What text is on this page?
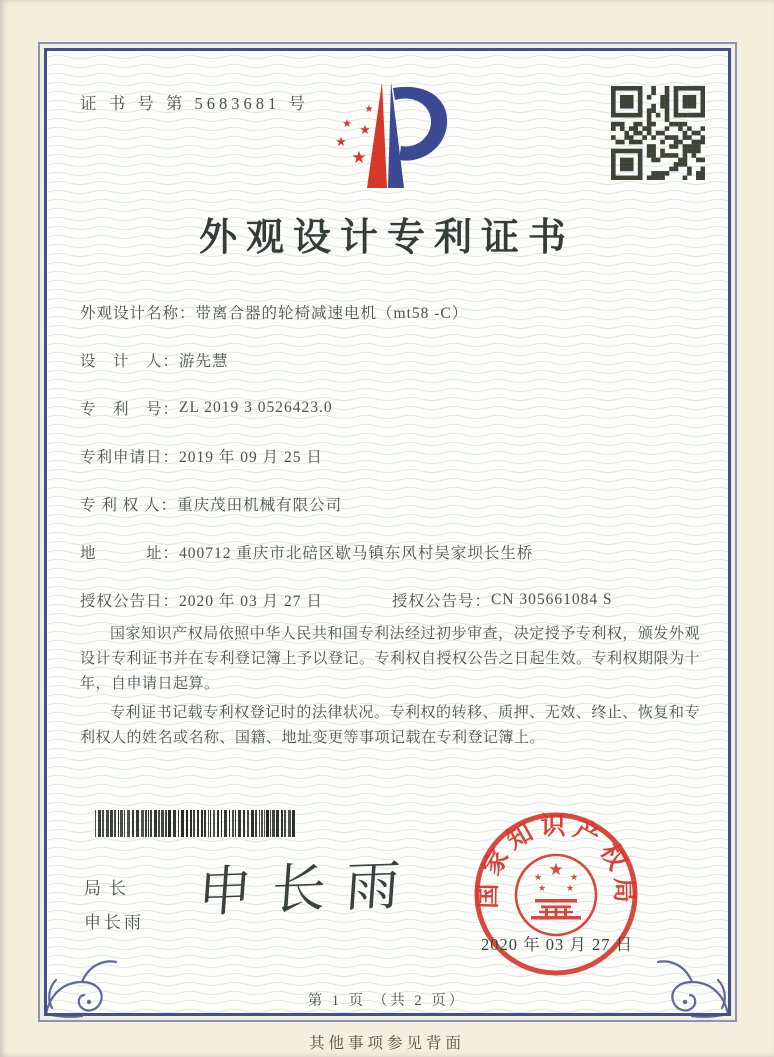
证 书 号 第 5683681 号	★
★ ★
★
★
外观设计专利证书
外观设计名称： 带离合器的轮椅减速电机（mt58 -C）
设　计　人： 游先慧
专　利　号： ZL 2019 3 0526423.0
专利申请日： 2019 年 09 月 25 日
专 利 权 人： 重庆茂田机械有限公司
地　　　址： 400712 重庆市北碚区歇马镇东风村吴家坝长生桥
授权公告日： 2020 年 03 月 27 日	授权公告号： CN 305661084 S

国家知识产权局依照中华人民共和国专利法经过初步审查，决定授予专利权，颁发外观设计专利证书并在专利登记簿上予以登记。专利权自授权公告之日起生效。专利权期限为十年，自申请日起算。

专利证书记载专利权登记时的法律状况。专利权的转移、质押、无效、终止、恢复和专利权人的姓名或名称、国籍、地址变更等事项记载在专利登记簿上。

局长
申长雨 申长雨 国家知识产权局
★
★	★
★ ★
2020 年 03 月 27 日
第 1 页 （共 2 页）
其他事项参见背面
